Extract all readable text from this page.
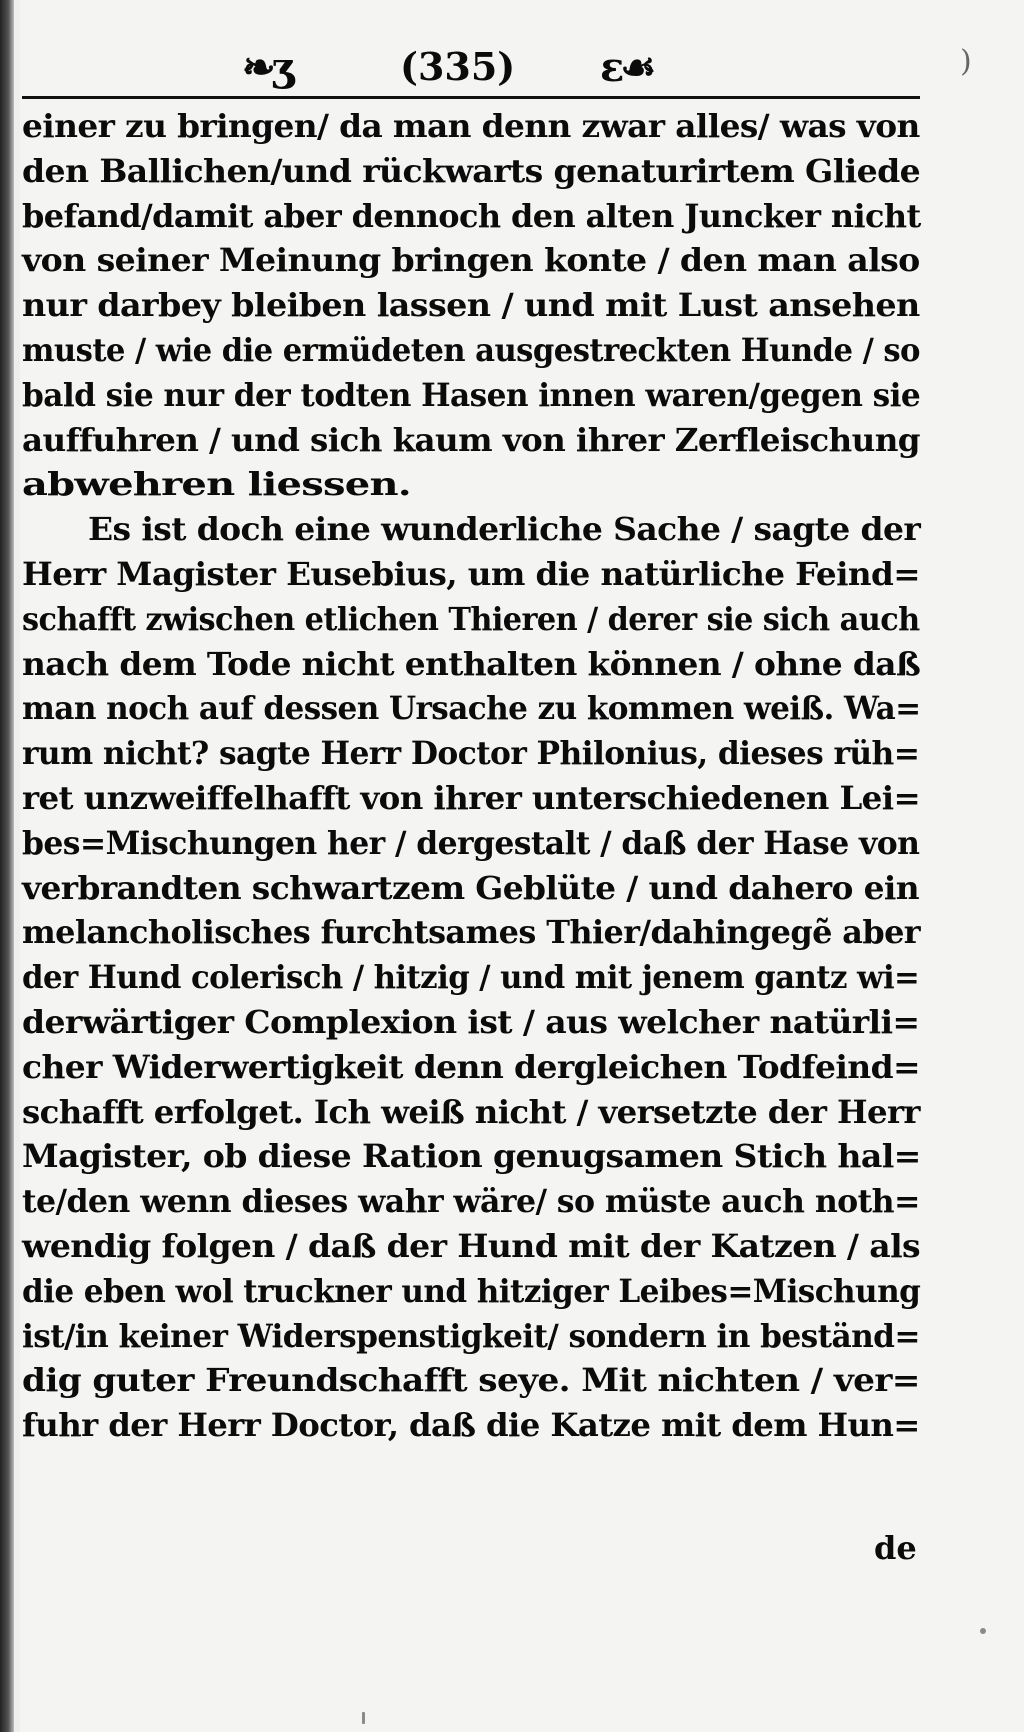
❧ʒ	(335) ɛ☙	)
einer zu bringen/ da man denn zwar alles/ was von
den Ballichen/und rückwarts genaturirtem Gliede
befand/damit aber dennoch den alten Juncker nicht
von seiner Meinung bringen konte / den man also
nur darbey bleiben lassen / und mit Lust ansehen
muste / wie die ermüdeten ausgestreckten Hunde / so
bald sie nur der todten Hasen innen waren/gegen sie
auffuhren / und sich kaum von ihrer Zerfleischung
abwehren liessen.
Es ist doch eine wunderliche Sache / sagte der
Herr Magister Eusebius, um die natürliche Feind=
schafft zwischen etlichen Thieren / derer sie sich auch
nach dem Tode nicht enthalten können / ohne daß
man noch auf dessen Ursache zu kommen weiß. Wa=
rum nicht? sagte Herr Doctor Philonius, dieses rüh=
ret unzweiffelhafft von ihrer unterschiedenen Lei=
bes=Mischungen her / dergestalt / daß der Hase von
verbrandten schwartzem Geblüte / und dahero ein
melancholisches furchtsames Thier/dahingegẽ aber
der Hund colerisch / hitzig / und mit jenem gantz wi=
derwärtiger Complexion ist / aus welcher natürli=
cher Widerwertigkeit denn dergleichen Todfeind=
schafft erfolget. Ich weiß nicht / versetzte der Herr
Magister, ob diese Ration genugsamen Stich hal=
te/den wenn dieses wahr wäre/ so müste auch noth=
wendig folgen / daß der Hund mit der Katzen / als
die eben wol truckner und hitziger Leibes=Mischung
ist/in keiner Widerspenstigkeit/ sondern in beständ=
dig guter Freundschafft seye. Mit nichten / ver=
fuhr der Herr Doctor, daß die Katze mit dem Hun=
de
